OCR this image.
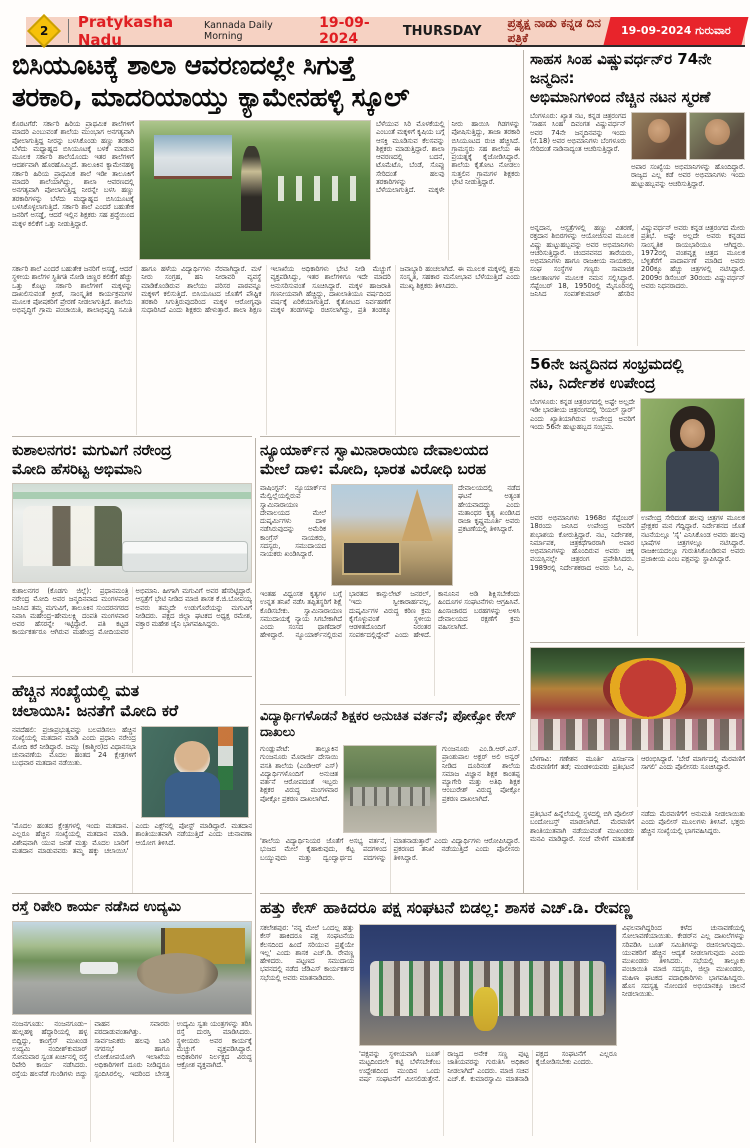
2 Pratykasha Nadu
Kannada Daily Morning
19-09-2024	THURSDAY
ಪ್ರತ್ಯಕ್ಷ ನಾಡು ಕನ್ನಡ ದಿನ ಪತ್ರಿಕೆ
19-09-2024 ಗುರುವಾರ
ಬಿಸಿಯೂಟಕ್ಕೆ ಶಾಲಾ ಆವರಣದಲ್ಲೇ ಸಿಗುತ್ತೆ
ತರಕಾರಿ, ಮಾದರಿಯಾಯ್ತು ಕ್ಯಾಮೇನಹಳ್ಳಿ ಸ್ಕೂಲ್
ಕೊರಟಗೆರೆ: ಸರ್ಕಾರಿ ಹಿರಿಯ ಪ್ರಾಥಮಿಕ ಶಾಲೆಗಳಿಗೆ ಮಾದರಿ ಎಂಬುವಂತೆ ಶಾಲೆಯ ಮುಂಭಾಗ ಅನಗತ್ಯವಾಗಿ ಪೋಲಾಗುತ್ತಿದ್ದ ನೀರನ್ನು ಬಳಸಿಕೊಂಡು ಹಣ್ಣು ತರಕಾರಿ ಬೆಳೆದು ಮಧ್ಯಾಹ್ನದ ಬಿಸಿಯೂಟಕ್ಕೆ ಬಳಕೆ ಮಾಡುವ ಮೂಲಕ ಸರ್ಕಾರಿ ಶಾಲೆಯೊಂದು ಇತರ ಶಾಲೆಗಳಿಗೆ ಆದರ್ಶವಾಗಿ ಹೊರಹೊಮ್ಮಿದೆ. ತಾಲೂಕಿನ ಕ್ಯಾಮೇನಹಳ್ಳಿ ಸರ್ಕಾರಿ ಹಿರಿಯ ಪ್ರಾಥಮಿಕ ಶಾಲೆ ಇಡೀ ತಾಲೂಕಿಗೆ ಮಾದರಿ ಶಾಲೆಯಾಗಿದ್ದು, ಶಾಲಾ ಆವರಣದಲ್ಲಿ ಅನಗತ್ಯವಾಗಿ ಪೋಲಾಗುತ್ತಿದ್ದ ನೀರನ್ನೇ ಬಳಸಿ ಹಣ್ಣು ತರಕಾರಿಗಳನ್ನು ಬೆಳೆದು ಮಧ್ಯಾಹ್ನದ ಬಿಸಿಯೂಟಕ್ಕೆ ಬಳಸಿಕೊಳ್ಳಲಾಗುತ್ತಿದೆ. ಸರ್ಕಾರಿ ಶಾಲೆ ಎಂದರೆ ಬಹುತೇಕ ಜನರಿಗೆ ಅಸಡ್ಡೆ, ಆದರೆ ಇಲ್ಲಿನ ಶಿಕ್ಷಕರು ಸಹ ಶ್ರದ್ಧೆಯಿಂದ ಮಕ್ಕಳ ಕಲಿಕೆಗೆ ಒತ್ತು ನೀಡುತ್ತಿದ್ದಾರೆ.
ಬೆಳೆಯುವ ಸಿರಿ ಮೊಳಕೆಯಲ್ಲಿ ಎಂಬಂತೆ ಮಕ್ಕಳಿಗೆ ಕೃಷಿಯ ಬಗ್ಗೆ ಆಸಕ್ತಿ ಮೂಡಿಸುವ ಕೆಲಸವನ್ನು ಶಿಕ್ಷಕರು ಮಾಡುತ್ತಿದ್ದಾರೆ. ಶಾಲಾ ಆವರಣದಲ್ಲಿ ಬದನೆ, ಟೊಮೆಟೊ, ಬೆಂಡೆ, ಸೊಪ್ಪು ಸೇರಿದಂತೆ ಹಲವು ತರಕಾರಿಗಳನ್ನು ಬೆಳೆಯಲಾಗುತ್ತಿದೆ. ಮಕ್ಕಳೇ ನೀರು ಹಾಯಿಸಿ ಗಿಡಗಳನ್ನು ಪೋಷಿಸುತ್ತಿದ್ದು, ತಾಜಾ ತರಕಾರಿ ಬಿಸಿಯೂಟದ ರುಚಿ ಹೆಚ್ಚಿಸಿದೆ. ಗ್ರಾಮಸ್ಥರು ಸಹ ಶಾಲೆಯ ಈ ಪ್ರಯತ್ನಕ್ಕೆ ಕೈಜೋಡಿಸಿದ್ದಾರೆ. ಶಾಲೆಯ ಕೈತೋಟ ನೋಡಲು ಸುತ್ತಲಿನ ಗ್ರಾಮಗಳ ಶಿಕ್ಷಕರು ಭೇಟಿ ನೀಡುತ್ತಿದ್ದಾರೆ.
ಸರ್ಕಾರಿ ಶಾಲೆ ಎಂದರೆ ಬಹುತೇಕ ಜನರಿಗೆ ಅಸಡ್ಡೆ, ಆದರೆ ಸ್ಥಳೀಯ ಶಾಲೆಗಳ ಸ್ಥಿತಿಗತಿ ನೋಡಿ ಚಿಣ್ಣರ ಕಲಿಕೆಗೆ ಹೆಚ್ಚು ಒತ್ತು ಕೊಟ್ಟು ಸರ್ಕಾರಿ ಶಾಲೆಗಳಿಗೆ ಮಕ್ಕಳನ್ನು ದಾಖಲಿಸುವಂತೆ ಕ್ರೀಡೆ, ಸಾಂಸ್ಕೃತಿಕ ಕಾರ್ಯಕ್ರಮಗಳ ಮೂಲಕ ಪೋಷಕರಿಗೆ ಪ್ರೇರಣೆ ನೀಡಲಾಗುತ್ತಿದೆ. ಶಾಲೆಯ ಅಭಿವೃದ್ಧಿಗೆ ಗ್ರಾಮ ಪಂಚಾಯಿತಿ, ಶಾಲಾಭಿವೃದ್ಧಿ ಸಮಿತಿ ಹಾಗೂ ಹಳೆಯ ವಿದ್ಯಾರ್ಥಿಗಳು ನೆರವಾಗಿದ್ದಾರೆ. ಮಳೆ ನೀರು ಸಂಗ್ರಹ, ಹನಿ ನೀರಾವರಿ ವ್ಯವಸ್ಥೆ ಮಾಡಿಕೊಂಡಿರುವ ಶಾಲೆಯು ಪರಿಸರ ಪಾಠವನ್ನೂ ಮಕ್ಕಳಿಗೆ ಕಲಿಸುತ್ತಿದೆ. ಬಿಸಿಯೂಟದ ಜೊತೆಗೆ ಪೌಷ್ಟಿಕ ತರಕಾರಿ ಸಿಗುತ್ತಿರುವುದರಿಂದ ಮಕ್ಕಳ ಆರೋಗ್ಯವೂ ಸುಧಾರಿಸಿದೆ ಎಂದು ಶಿಕ್ಷಕರು ಹೇಳುತ್ತಾರೆ. ಶಾಲಾ ಶಿಕ್ಷಣ ಇಲಾಖೆಯ ಅಧಿಕಾರಿಗಳು ಭೇಟಿ ನೀಡಿ ಮೆಚ್ಚುಗೆ ವ್ಯಕ್ತಪಡಿಸಿದ್ದು, ಇತರ ಶಾಲೆಗಳಿಗೂ ಇದೇ ಮಾದರಿ ಅನುಸರಿಸುವಂತೆ ಸೂಚಿಸಿದ್ದಾರೆ. ಮಕ್ಕಳ ಹಾಜರಾತಿ ಗಣನೀಯವಾಗಿ ಹೆಚ್ಚಿದ್ದು, ದಾಖಲಾತಿಯೂ ವರ್ಷದಿಂದ ವರ್ಷಕ್ಕೆ ಏರಿಕೆಯಾಗುತ್ತಿದೆ. ಕೈತೋಟದ ನಿರ್ವಹಣೆಗೆ ಮಕ್ಕಳ ತಂಡಗಳನ್ನು ರಚಿಸಲಾಗಿದ್ದು, ಪ್ರತಿ ತಂಡಕ್ಕೂ ಜವಾಬ್ದಾರಿ ಹಂಚಲಾಗಿದೆ. ಈ ಮೂಲಕ ಮಕ್ಕಳಲ್ಲಿ ಶ್ರಮ ಸಂಸ್ಕೃತಿ, ಸಹಕಾರ ಮನೋಭಾವ ಬೆಳೆಯುತ್ತಿದೆ ಎಂದು ಮುಖ್ಯ ಶಿಕ್ಷಕರು ತಿಳಿಸಿದರು.
ಸಾಹಸ ಸಿಂಹ ವಿಷ್ಣುವರ್ಧನ್‌ರ 74ನೇ ಜನ್ಮದಿನ:
ಅಭಿಮಾನಿಗಳಿಂದ ನೆಚ್ಚಿನ ನಟನ ಸ್ಮರಣೆ
ಬೆಂಗಳೂರು: ಖ್ಯಾತ ನಟ, ಕನ್ನಡ ಚಿತ್ರರಂಗದ 'ಸಾಹಸ ಸಿಂಹ' ದಿವಂಗತ ವಿಷ್ಣುವರ್ಧನ್ ಅವರ 74ನೇ ಜನ್ಮದಿನವನ್ನು ಇಂದು (ಸೆ.18) ಅವರ ಅಭಿಮಾನಿಗಳು ಬೆಂಗಳೂರು ಸೇರಿದಂತೆ ನಾಡಿನಾದ್ಯಂತ ಆಚರಿಸುತ್ತಿದ್ದಾರೆ.
ಅಪಾರ ಸಂಖ್ಯೆಯ ಅಭಿಮಾನಿಗಳನ್ನು ಹೊಂದಿದ್ದಾರೆ. ರಾಜ್ಯದ ಎಲ್ಲ ಕಡೆ ಅವರ ಅಭಿಮಾನಿಗಳು ಇಂದು ಹುಟ್ಟುಹಬ್ಬವನ್ನು ಆಚರಿಸುತ್ತಿದ್ದಾರೆ.
ಅನ್ನದಾನ, ಆಸ್ಪತ್ರೆಗಳಲ್ಲಿ ಹಣ್ಣು ವಿತರಣೆ, ರಕ್ತದಾನ ಶಿಬಿರಗಳನ್ನು ಆಯೋಜಿಸುವ ಮೂಲಕ ವಿಷ್ಣು ಹುಟ್ಟುಹಬ್ಬವನ್ನು ಅವರ ಅಭಿಮಾನಿಗಳು ಆಚರಿಸುತ್ತಿದ್ದಾರೆ. ಚಂದನವನದ ತಾರೆಯರು, ಅಭಿಮಾನಿಗಳು ಹಾಗೂ ರಾಜಕೀಯ ನಾಯಕರು, ಸಂಘ ಸಂಸ್ಥೆಗಳ ಗಣ್ಯರು ಸಾಮಾಜಿಕ ಜಾಲತಾಣಗಳ ಮೂಲಕ ನಮನ ಸಲ್ಲಿಸಿದ್ದಾರೆ. ಸೆಪ್ಟೆಂಬರ್ 18, 1950ರಲ್ಲಿ ಮೈಸೂರಿನಲ್ಲಿ ಜನಿಸಿದ ಸಂಪತ್‌ಕುಮಾರ್ ಹೆಸರಿನ ವಿಷ್ಣುವರ್ಧನ್ ಅವರು ಕನ್ನಡ ಚಿತ್ರರಂಗದ ಮೇರು ಪ್ರತಿಭೆ. ಅಷ್ಟೇ ಅಲ್ಲದೇ ಅವರು ಕನ್ನಡದ ಸಾಂಸ್ಕೃತಿಕ ರಾಯಭಾರಿಯೂ ಆಗಿದ್ದರು. 1972ರಲ್ಲಿ ವಂಶವೃಕ್ಷ ಚಿತ್ರದ ಮೂಲಕ ಬೆಳ್ಳಿತೆರೆಗೆ ಪಾದಾರ್ಪಣೆ ಮಾಡಿದ ಅವರು 200ಕ್ಕೂ ಹೆಚ್ಚು ಚಿತ್ರಗಳಲ್ಲಿ ನಟಿಸಿದ್ದಾರೆ. 2009ರ ಡಿಸೆಂಬರ್ 30ರಂದು ವಿಷ್ಣುವರ್ಧನ್ ಅವರು ನಿಧನರಾದರು.
56ನೇ ಜನ್ಮದಿನದ ಸಂಭ್ರಮದಲ್ಲಿ
ನಟ, ನಿರ್ದೇಶಕ ಉಪೇಂದ್ರ
ಬೆಂಗಳೂರು: ಕನ್ನಡ ಚಿತ್ರರಂಗದಲ್ಲಿ ಅಷ್ಟೇ ಅಲ್ಲದೇ ಇಡೀ ಭಾರತೀಯ ಚಿತ್ರರಂಗದಲ್ಲಿ 'ರಿಯಲ್ ಸ್ಟಾರ್' ಎಂದು ಖ್ಯಾತಿಯಾಗಿರುವ ಉಪೇಂದ್ರ ಅವರಿಗೆ ಇಂದು 56ನೇ ಹುಟ್ಟುಹಬ್ಬದ ಸಂಭ್ರಮ.
ಅವರ ಅಭಿಮಾನಿಗಳು 1968ರ ಸೆಪ್ಟೆಂಬರ್ 18ರಂದು ಜನಿಸಿದ ಉಪೇಂದ್ರ ಅವರಿಗೆ ಶುಭಾಶಯ ಕೋರುತ್ತಿದ್ದಾರೆ. ನಟ, ನಿರ್ದೇಶಕ, ನಿರ್ಮಾಪಕ, ಚಿತ್ರಕಥೆಗಾರರಾಗಿ ಅಪಾರ ಅಭಿಮಾನಿಗಳನ್ನು ಹೊಂದಿರುವ ಅವರು ಚಿಕ್ಕ ವಯಸ್ಸಿನಲ್ಲೇ ಚಿತ್ರರಂಗ ಪ್ರವೇಶಿಸಿದರು. 1989ರಲ್ಲಿ ನಿರ್ದೇಶಕರಾದ ಅವರು ಓಂ, ಎ, ಉಪೇಂದ್ರ ಸೇರಿದಂತೆ ಹಲವು ಚಿತ್ರಗಳ ಮೂಲಕ ಪ್ರೇಕ್ಷಕರ ಮನ ಗೆದ್ದಿದ್ದಾರೆ. ನಿರ್ದೇಶನದ ಜೊತೆ ನಟನೆಯಲ್ಲೂ 'ಸೈ' ಎನಿಸಿಕೊಂಡ ಅವರು ಹಲವು ಭಾಷೆಗಳ ಚಿತ್ರಗಳಲ್ಲೂ ನಟಿಸಿದ್ದಾರೆ. ರಾಜಕೀಯದಲ್ಲೂ ಗುರುತಿಸಿಕೊಂಡಿರುವ ಅವರು ಪ್ರಜಾಕೀಯ ಎಂಬ ಪಕ್ಷವನ್ನು ಸ್ಥಾಪಿಸಿದ್ದಾರೆ.
ಬೆಳಗಾವಿ: ಗಣೇಶನ ಮೂರ್ತಿ ವಿಸರ್ಜನಾ ಮೆರವಣಿಗೆಗೆ ತಡೆ; ಮಂಡಳಿಯವರು ಪ್ರತಿಭಟನೆ ಆರಂಭಿಸಿದ್ದಾರೆ. 'ಬೇರೆ ಮಾರ್ಗದಲ್ಲಿ ಮೆರವಣಿಗೆ ಸಾಗಲಿ' ಎಂದು ಪೊಲೀಸರು ಸೂಚಿಸಿದ್ದಾರೆ.
ಪ್ರತಿಭಟನೆ ಹಿನ್ನೆಲೆಯಲ್ಲಿ ಸ್ಥಳದಲ್ಲಿ ಬಿಗಿ ಪೊಲೀಸ್ ಬಂದೋಬಸ್ತ್ ಮಾಡಲಾಗಿದೆ. ಮೆರವಣಿಗೆ ಶಾಂತಿಯುತವಾಗಿ ನಡೆಯುವಂತೆ ಮುಖಂಡರು ಮನವಿ ಮಾಡಿದ್ದಾರೆ. ಸಂಜೆ ವೇಳೆಗೆ ಮಾತುಕತೆ ನಡೆದು ಮೆರವಣಿಗೆಗೆ ಅನುಮತಿ ನೀಡಲಾಯಿತು ಎಂದು ಪೊಲೀಸ್ ಮೂಲಗಳು ತಿಳಿಸಿವೆ. ಭಕ್ತರು ಹೆಚ್ಚಿನ ಸಂಖ್ಯೆಯಲ್ಲಿ ಭಾಗವಹಿಸಿದ್ದರು.
ಕುಶಾಲನಗರ: ಮಗುವಿಗೆ ನರೇಂದ್ರ
ಮೋದಿ ಹೆಸರಿಟ್ಟ ಅಭಿಮಾನಿ
ಕುಶಾಲನಗರ (ಕೊಡಗು ಜಿಲ್ಲೆ): ಪ್ರಧಾನಮಂತ್ರಿ ನರೇಂದ್ರ ಮೋದಿ ಅವರ ಜನ್ಮದಿನವಾದ ಮಂಗಳವಾರ ಜನಿಸಿದ ತಮ್ಮ ಮಗುವಿಗೆ, ತಾಲೂಕಿನ ಸುಂದರನಗರದ ನಿವಾಸಿ ಮಹೇಂದ್ರ–ಹೇಮಲಕ್ಷ್ಮಿ ದಂಪತಿ ಮಂಗಳವಾರ ಅವರ ಹೆಸರನ್ನೇ ಇಟ್ಟಿದ್ದಾರೆ. ಪತಿ ಕಟ್ಟಡ ಕಾರ್ಯಕರ್ತರೂ ಆಗಿರುವ ಮಹೇಂದ್ರ ಮೋದಿಯವರ ಅಭಿಮಾನಿ. ಹೀಗಾಗಿ ಮಗುವಿಗೆ ಅವರ ಹೆಸರಿಟ್ಟಿದ್ದಾರೆ. ಆಸ್ಪತ್ರೆಗೆ ಭೇಟಿ ನೀಡಿದ ಮಾಜಿ ಶಾಸಕ ಕೆ.ಜಿ.ಬೋಪಯ್ಯ ಅವರು ತಮ್ಮದೇ ಉಡುಗೊರೆಯನ್ನು ಮಗುವಿಗೆ ನೀಡಿದರು. ಪಕ್ಷದ ಜಿಲ್ಲಾ ಘಟಕದ ಅಧ್ಯಕ್ಷ ರಮೇಶ, ವಕ್ತಾರ ಮಹೇಶ ಜೈನಿ ಭಾಗವಹಿಸಿದ್ದರು.
ನ್ಯೂಯಾರ್ಕ್‌ನ ಸ್ವಾಮಿನಾರಾಯಣ ದೇವಾಲಯದ
ಮೇಲೆ ದಾಳಿ: ಮೋದಿ, ಭಾರತ ವಿರೋಧಿ ಬರಹ
ವಾಷಿಂಗ್ಟನ್: ನ್ಯೂಯಾರ್ಕ್‌ನ ಮೆಲ್ವಿಲ್ಲೆಯಲ್ಲಿರುವ ಸ್ವಾಮಿನಾರಾಯಣ ದೇವಾಲಯದ ಮೇಲೆ ದುಷ್ಕರ್ಮಿಗಳು ದಾಳಿ ನಡೆಸಿರುವುದನ್ನು ಅಮೆರಿಕ ಕಾಂಗ್ರೆಸ್ ನಾಯಕರು, ಸದಸ್ಯರು, ಸಮುದಾಯದ ನಾಯಕರು ಖಂಡಿಸಿದ್ದಾರೆ.
ದೇವಾಲಯದಲ್ಲಿ ನಡೆದ ಘಟನೆ ಅತ್ಯಂತ ಹೇಯವಾದದ್ದು ಎಂದು ಮತಾಂಧರ ಕೃತ್ಯ ಖಂಡಿಸಿದ ರಾಜಾ ಕೃಷ್ಣಮೂರ್ತಿ ಅವರು ಪ್ರಕಟಣೆಯಲ್ಲಿ ತಿಳಿಸಿದ್ದಾರೆ.
ಇಂತಹ ವಿಧ್ವಂಸಕ ಕೃತ್ಯಗಳ ಬಗ್ಗೆ ಉನ್ನತ ತನಿಖೆ ನಡೆಸಿ ತಪ್ಪಿತಸ್ಥರಿಗೆ ಶಿಕ್ಷೆ ಕೊಡಿಸಬೇಕು. ಸ್ವಾಮಿನಾರಾಯಣ ಸಮುದಾಯಕ್ಕೆ ನ್ಯಾಯ ಸಿಗಬೇಕಾಗಿದೆ ಎಂದು ಸಂಸದ ಥಾಣೆದಾರ್ ಹೇಳಿದ್ದಾರೆ. ನ್ಯೂಯಾರ್ಕ್‌ನಲ್ಲಿರುವ ಭಾರತದ ಕಾನ್ಸುಲೇಟ್ ಜನರಲ್, 'ಇದು ಸ್ವೀಕಾರಾರ್ಹವಲ್ಲ, ದುಷ್ಕರ್ಮಿಗಳ ವಿರುದ್ಧ ಕಠಿಣ ಕ್ರಮ ಕೈಗೊಳ್ಳುವಂತೆ ಸ್ಥಳೀಯ ಆಡಳಿತದೊಂದಿಗೆ ನಿರಂತರ ಸಂಪರ್ಕದಲ್ಲಿದ್ದೇವೆ' ಎಂದು ಹೇಳಿದೆ. ಕಾನೂನಿನ ಅಡಿ ಶಿಕ್ಷಿಸಬೇಕೆಂದು ಹಿಂದೂಗಳ ಸಂಘಟನೆಗಳು ಆಗ್ರಹಿಸಿವೆ. ಹಿಂಸಾಚಾರದ ಬರಹಗಳನ್ನು ಅಳಿಸಿ ದೇವಾಲಯದ ರಕ್ಷಣೆಗೆ ಕ್ರಮ ವಹಿಸಲಾಗಿದೆ.
ಹೆಚ್ಚಿನ ಸಂಖ್ಯೆಯಲ್ಲಿ ಮತ
ಚಲಾಯಿಸಿ: ಜನತೆಗೆ ಮೋದಿ ಕರೆ
ನವದೆಹಲಿ: ಪ್ರಜಾಪ್ರಭುತ್ವವನ್ನು ಬಲಪಡಿಸಲು ಹೆಚ್ಚಿನ ಸಂಖ್ಯೆಯಲ್ಲಿ ಮತದಾನ ಮಾಡಿ ಎಂದು ಪ್ರಧಾನಿ ನರೇಂದ್ರ ಮೋದಿ ಕರೆ ನೀಡಿದ್ದಾರೆ. ಜಮ್ಮು (ಕಾಶ್ಮೀರ)ದ ವಿಧಾನಸಭಾ ಚುನಾವಣೆಯ ಮೊದಲ ಹಂತದ 24 ಕ್ಷೇತ್ರಗಳಿಗೆ ಬುಧವಾರ ಮತದಾನ ನಡೆಯಿತು.
'ಮೊದಲ ಹಂತದ ಕ್ಷೇತ್ರಗಳಲ್ಲಿ ಇಂದು ಮತದಾನ. ಎಲ್ಲರೂ ಹೆಚ್ಚಿನ ಸಂಖ್ಯೆಯಲ್ಲಿ ಮತದಾನ ಮಾಡಿ. ವಿಶೇಷವಾಗಿ ಯುವ ಜನತೆ ಮತ್ತು ಮೊದಲ ಬಾರಿಗೆ ಮತದಾನ ಮಾಡುವವರು ತಮ್ಮ ಹಕ್ಕು ಚಲಾಯಿಸಿ' ಎಂದು ಎಕ್ಸ್‌ನಲ್ಲಿ ಪೋಸ್ಟ್ ಮಾಡಿದ್ದಾರೆ. ಮತದಾನ ಶಾಂತಿಯುತವಾಗಿ ನಡೆಯುತ್ತಿದೆ ಎಂದು ಚುನಾವಣಾ ಆಯೋಗ ತಿಳಿಸಿದೆ.
ವಿದ್ಯಾರ್ಥಿಗಳೊಡನೆ ಶಿಕ್ಷಕರ ಅನುಚಿತ ವರ್ತನೆ; ಪೋಕ್ಸೋ ಕೇಸ್ ದಾಖಲು
ಗುಂಡ್ಲುಪೇಟೆ: ತಾಲ್ಲೂಕಿನ ಗುಂಜನೂರು ಮೊರಾರ್ಜಿ ದೇಸಾಯಿ ವಸತಿ ಶಾಲೆಯ (ಎಂಡಿಆರ್ ಎಸ್) ವಿದ್ಯಾರ್ಥಿಗಳೊಂದಿಗೆ ಅನುಚಿತ ವರ್ತನೆ ಆರೋಪದಂತೆ ಇಬ್ಬರು ಶಿಕ್ಷಕರ ವಿರುದ್ಧ ಮಂಗಳವಾರ ಪೋಕ್ಸೋ ಪ್ರಕರಣ ದಾಖಲಾಗಿದೆ.
ಗುಂಜನೂರು ಎಂ.ಡಿ.ಆರ್.ಎಸ್. ಪ್ರಾಂಶುಪಾಲ ಅಕ್ಬರ್ ಅಲಿ ಅನ್ವರ್ ನೀಡಿದ ದೂರಿನಂತೆ ಶಾಲೆಯ ಸಮಾಜ ವಿಜ್ಞಾನ ಶಿಕ್ಷಕ ಕಾಂತಪ್ಪ ಮ್ಯಾಗೇರಿ ಮತ್ತು ಅತಿಥಿ ಶಿಕ್ಷಕ ಆಂಬುರೇಶ್ ವಿರುದ್ಧ ಪೋಕ್ಸೋ ಪ್ರಕರಣ ದಾಖಲಾಗಿದೆ.
'ಶಾಲೆಯ ವಿದ್ಯಾರ್ಥಿನಿಯರ ಜೊತೆಗೆ ಅಸಭ್ಯ ವರ್ತನೆ, ಭುಜದ ಮೇಲೆ ಕೈಹಾಕುವುದು, ಕೆಟ್ಟ ಪದಗಳಿಂದ ಬಯ್ಯುವುದು ಮತ್ತು ದ್ವಂದ್ವಾರ್ಥದ ಪದಗಳನ್ನು ಮಾತನಾಡುತ್ತಾರೆ' ಎಂದು ವಿದ್ಯಾರ್ಥಿಗಳು ಆರೋಪಿಸಿದ್ದಾರೆ. ಪ್ರಕರಣದ ತನಿಖೆ ನಡೆಯುತ್ತಿದೆ ಎಂದು ಪೊಲೀಸರು ತಿಳಿಸಿದ್ದಾರೆ.
ರಸ್ತೆ ರಿಪೇರಿ ಕಾರ್ಯ ನಡೆಸಿದ ಉದ್ಯಮಿ
ನಂಜನಗೂಡು: ನಂಜನಗೂಡು–ಹುಲ್ಲಹಳ್ಳಿ ಹೆದ್ದಾರಿಯಲ್ಲಿ ಹಳ್ಳ ಬಿದ್ದಿದ್ದು, ಕಾಂಗ್ರೆಸ್ ಮುಖಂಡ ಉದ್ಯಮಿ ನಂದೀಶ್‌ಕುಮಾರ್ ಸೋಮವಾರ ಸ್ವಂತ ಖರ್ಚಿನಲ್ಲಿ ರಸ್ತೆ ರಿಪೇರಿ ಕಾರ್ಯ ನಡೆಸಿದರು. ರಸ್ತೆಯ ಹಲವೆಡೆ ಗುಂಡಿಗಳು ಬಿದ್ದು ವಾಹನ ಸವಾರರು ಪರದಾಡುವಂತಾಗಿತ್ತು. ಸಾರ್ವಜನಿಕರು ಹಲವು ಬಾರಿ ನಗರಸಭೆ ಹಾಗೂ ಲೋಕೋಪಯೋಗಿ ಇಲಾಖೆಯ ಅಧಿಕಾರಿಗಳಿಗೆ ದೂರು ನೀಡಿದ್ದರೂ ಸ್ಪಂದಿಸಿರಲಿಲ್ಲ. ಇದರಿಂದ ಬೇಸತ್ತ ಉದ್ಯಮಿ ಸ್ವತಃ ಯಂತ್ರಗಳನ್ನು ತರಿಸಿ ರಸ್ತೆ ದುರಸ್ತಿ ಮಾಡಿಸಿದರು. ಸ್ಥಳೀಯರು ಅವರ ಕಾರ್ಯಕ್ಕೆ ಮೆಚ್ಚುಗೆ ವ್ಯಕ್ತಪಡಿಸಿದ್ದಾರೆ. ಅಧಿಕಾರಿಗಳ ನಿರ್ಲಕ್ಷ್ಯದ ವಿರುದ್ಧ ಆಕ್ರೋಶ ವ್ಯಕ್ತವಾಗಿದೆ.
ಹತ್ತು ಕೇಸ್ ಹಾಕಿದರೂ ಪಕ್ಷ ಸಂಘಟನೆ ಬಿಡಲ್ಲ: ಶಾಸಕ ಎಚ್.ಡಿ. ರೇವಣ್ಣ
ಸಕಲೇಶಪುರ: 'ನನ್ನ ಮೇಲೆ ಒಂದಲ್ಲ ಹತ್ತು ಕೇಸ್ ಹಾಕಿದರೂ ಪಕ್ಷ ಸಂಘಟನೆಯ ಕೆಲಸದಿಂದ ಹಿಂದೆ ಸರಿಯುವ ಪ್ರಶ್ನೆಯೇ ಇಲ್ಲ' ಎಂದು ಶಾಸಕ ಎಚ್.ಡಿ. ರೇವಣ್ಣ ಹೇಳಿದರು. ಪಟ್ಟಣದ ಸಮುದಾಯ ಭವನದಲ್ಲಿ ನಡೆದ ಜೆಡಿಎಸ್ ಕಾರ್ಯಕರ್ತರ ಸಭೆಯಲ್ಲಿ ಅವರು ಮಾತನಾಡಿದರು.
'ಪಕ್ಷವನ್ನು ಸ್ಥಳೀಯವಾಗಿ ಬೂತ್ ಮಟ್ಟದಿಂದಲೇ ಕಟ್ಟಿ ಬೆಳೆಸಬೇಕೆಂಬ ಉದ್ದೇಶದಿಂದ ಮುಂದಿನ ಒಂದು ವರ್ಷ ಸಂಘಟನೆಗೆ ಮೀಸಲಿಡುತ್ತೇನೆ. ರಾಜ್ಯದ ಅನೇಕ ಸಣ್ಣ ಪುಟ್ಟ ಜಾತಿಯವರನ್ನು ಗುರುತಿಸಿ ಅಧಿಕಾರ ನೀಡಲಾಗಿದೆ' ಎಂದರು. ಮಾಜಿ ಸಚಿವ ಎಚ್.ಕೆ. ಕುಮಾರಸ್ವಾಮಿ ಮಾತನಾಡಿ ಪಕ್ಷದ ಸಂಘಟನೆಗೆ ಎಲ್ಲರೂ ಕೈಜೋಡಿಸಬೇಕು ಎಂದರು.
ವಿಫಲವಾಗಿದ್ದರಿಂದ ಕಳೆದ ಚುನಾವಣೆಯಲ್ಲಿ ಸೋಲಾವಣೆಯಾಯಿತು. ಕೇಡರ್‌ನ ಎಲ್ಲ ದಾಖಲೆಗಳನ್ನು ಸರಿಪಡಿಸಿ ಬೂತ್ ಸಮಿತಿಗಳನ್ನು ರಚಿಸಲಾಗುವುದು. ಯುವಕರಿಗೆ ಹೆಚ್ಚಿನ ಆದ್ಯತೆ ನೀಡಲಾಗುವುದು ಎಂದು ಮುಖಂಡರು ತಿಳಿಸಿದರು. ಸಭೆಯಲ್ಲಿ ತಾಲ್ಲೂಕು ಪಂಚಾಯಿತಿ ಮಾಜಿ ಸದಸ್ಯರು, ಜಿಲ್ಲಾ ಮುಖಂಡರು, ಮಹಿಳಾ ಘಟಕದ ಪದಾಧಿಕಾರಿಗಳು ಭಾಗವಹಿಸಿದ್ದರು. ಹೊಸ ಸದಸ್ಯತ್ವ ನೋಂದಣಿ ಅಭಿಯಾನಕ್ಕೂ ಚಾಲನೆ ನೀಡಲಾಯಿತು.
